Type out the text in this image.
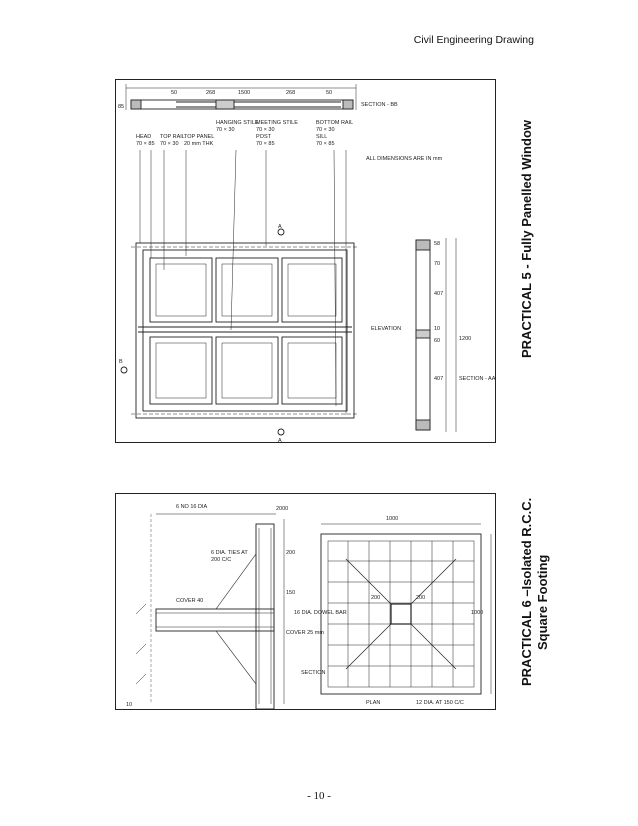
Civil Engineering Drawing
85
50	268	1500	268	50
SECTION - BB
HEAD
70 × 85
TOP RAIL
70 × 30
TOP PANEL
20 mm THK
HANGING STILE
70 × 30
MEETING STILE
70 × 30
POST
70 × 85
BOTTOM RAIL
70 × 30
SILL
70 × 85
ALL DIMENSIONS ARE IN mm
ELEVATION
A
A
B
58
70
407
10
60
407
1200
SECTION - AA
PRACTICAL 5 - Fully Panelled Window
6 NO 16 DIA
COVER 40
6 DIA. TIES AT
200 C/C
2000
200
150
COVER 25 mm
16 DIA. DOWEL BAR
SECTION
10
1000
1000
200	200
PLAN	12 DIA. AT 150 C/C
PRACTICAL 6 –Isolated R.C.C. Square Footing
- 10 -
